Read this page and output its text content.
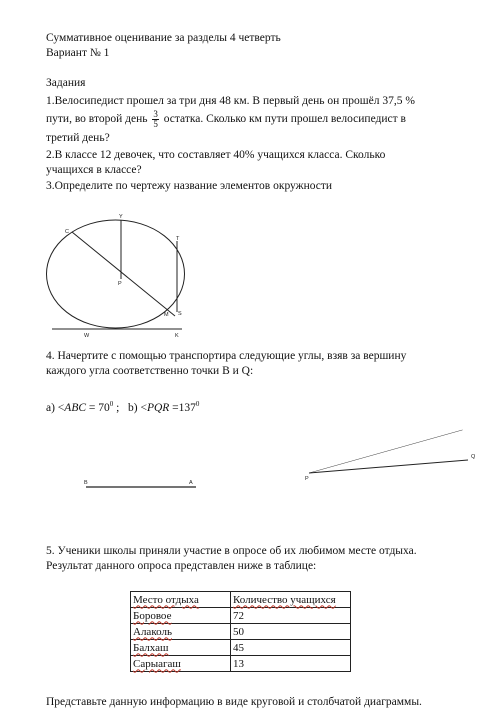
Суммативное оценивание за разделы 4 четверть
Вариант № 1
Задания
1.Велосипедист прошел за три дня 48 км. В первый день он прошёл 37,5 %
пути, во второй день $\frac{3}{5}$ остатка. Сколько км пути прошел велосипедист в
третий день?
2.В классе 12 девочек, что составляет 40% учащихся класса. Сколько
учащихся в классе?
3.Определите по чертежу название элементов окружности
C
Y
T
P
M S
W	K
4. Начертите с помощью транспортира следующие углы, взяв за вершину
каждого угла соответственно точки B и Q:
$а) <ABC = 70^0$ ; $b) <PQR =137^0$
Q
P
B	A
5. Ученики школы приняли участие в опросе об их любимом месте отдыха.
Результат данного опроса представлен ниже в таблице:
Место отдыха	Количество учащихся
Боровое	72
Алаколь	50
Балхаш	45
Сарыагаш	13
Представьте данную информацию в виде круговой и столбчатой диаграммы.
